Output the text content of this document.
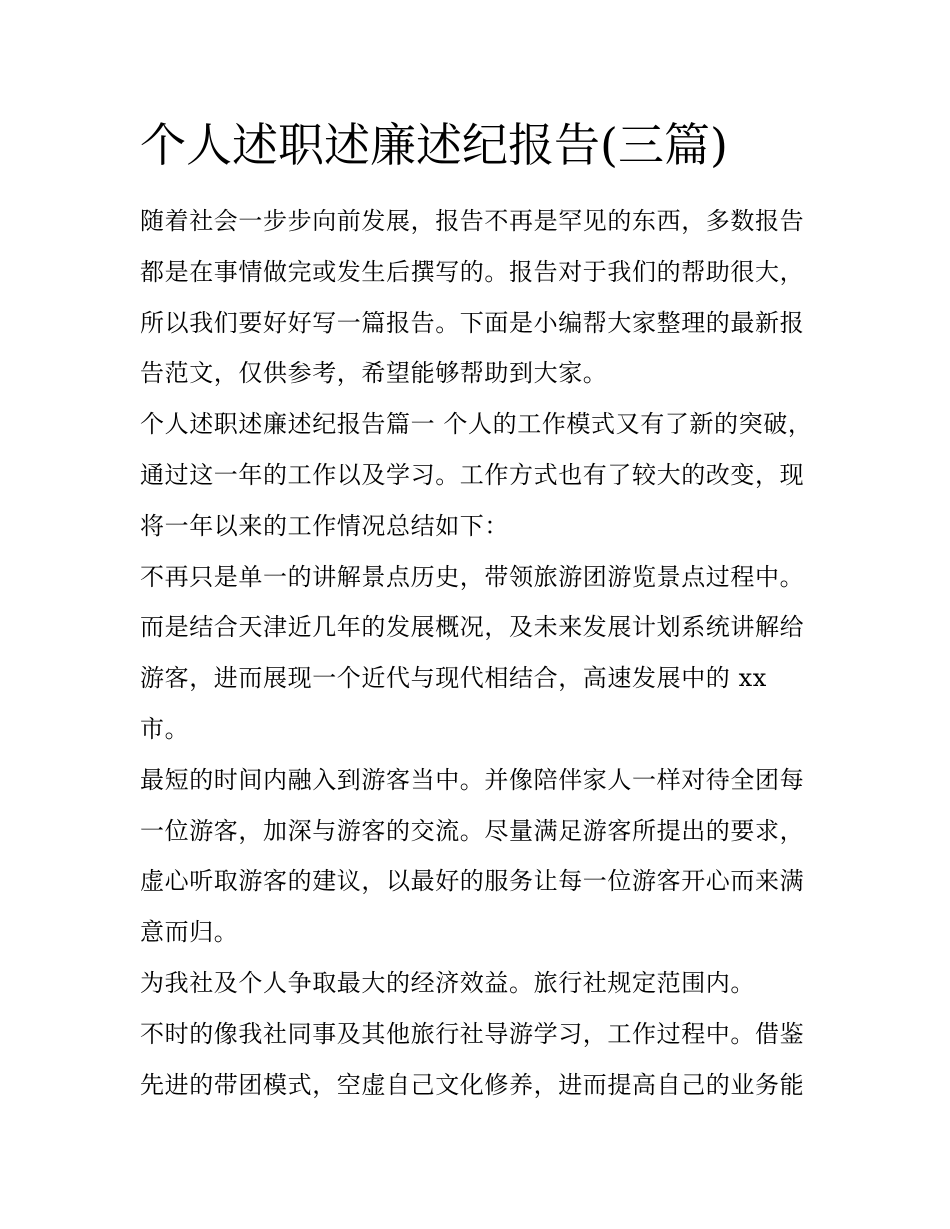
个人述职述廉述纪报告(三篇)

随着社会一步步向前发展，报告不再是罕见的东西，多数报告都是在事情做完或发生后撰写的。报告对于我们的帮助很大，所以我们要好好写一篇报告。下面是小编帮大家整理的最新报告范文，仅供参考，希望能够帮助到大家。

个人述职述廉述纪报告篇一 个人的工作模式又有了新的突破，通过这一年的工作以及学习。工作方式也有了较大的改变，现将一年以来的工作情况总结如下：

不再只是单一的讲解景点历史，带领旅游团游览景点过程中。而是结合天津近几年的发展概况，及未来发展计划系统讲解给游客，进而展现一个近代与现代相结合，高速发展中的 xx 市。

最短的时间内融入到游客当中。并像陪伴家人一样对待全团每一位游客，加深与游客的交流。尽量满足游客所提出的要求，虚心听取游客的建议，以最好的服务让每一位游客开心而来满意而归。

为我社及个人争取最大的经济效益。旅行社规定范围内。

不时的像我社同事及其他旅行社导游学习，工作过程中。借鉴先进的带团模式，空虚自己文化修养，进而提高自己的业务能
